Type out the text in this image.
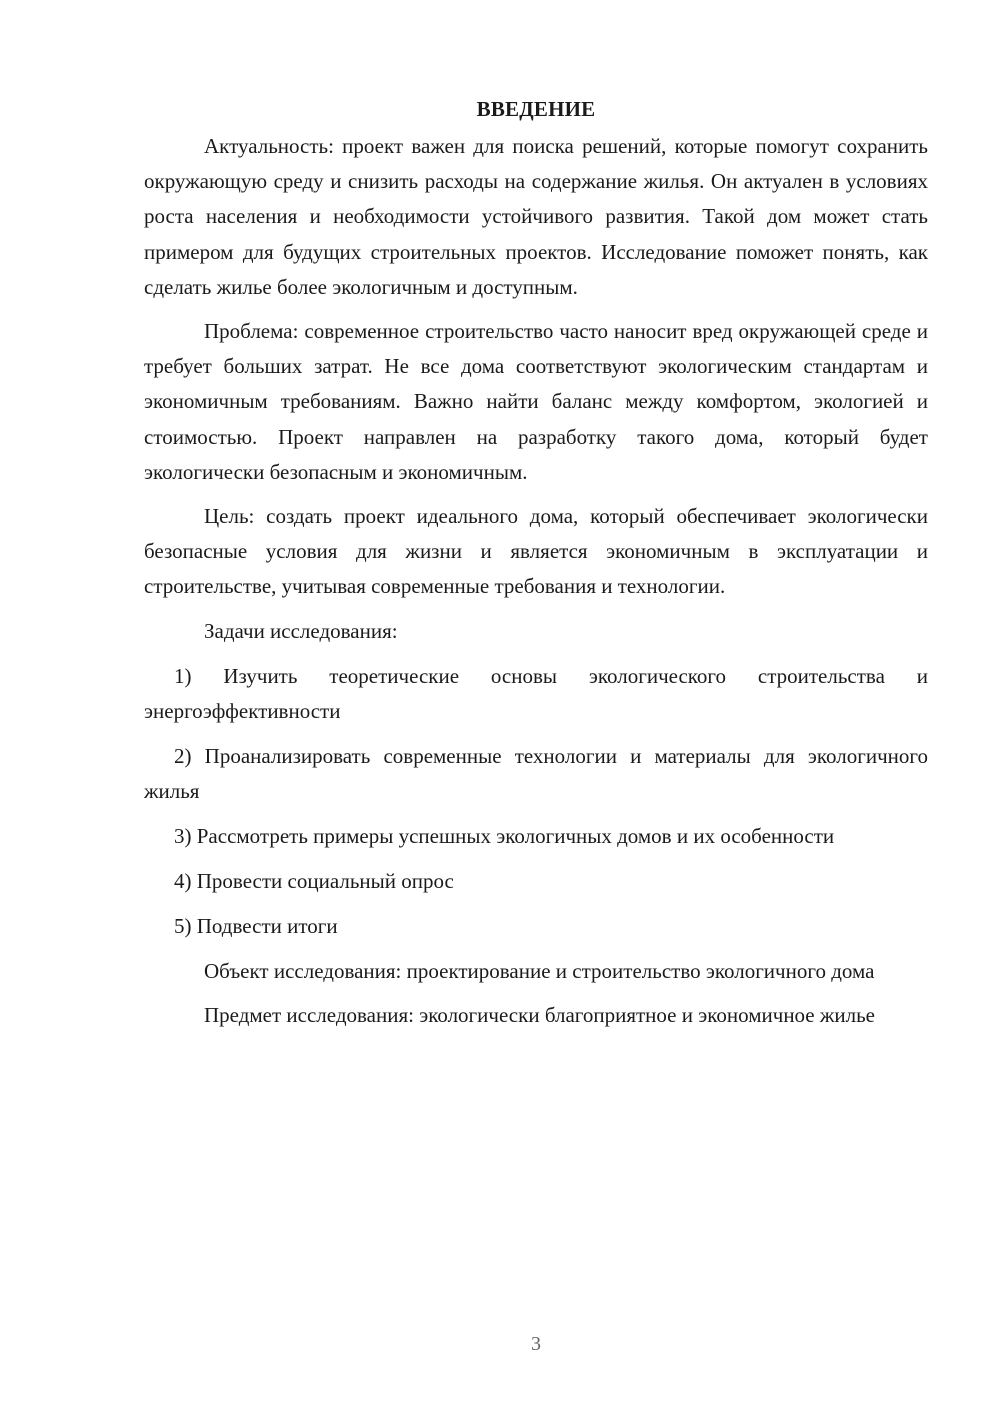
ВВЕДЕНИЕ

Актуальность: проект важен для поиска решений, которые помогут сохранить окружающую среду и снизить расходы на содержание жилья. Он актуален в условиях роста населения и необходимости устойчивого развития. Такой дом может стать примером для будущих строительных проектов. Исследование поможет понять, как сделать жилье более экологичным и доступным.

Проблема: современное строительство часто наносит вред окружающей среде и требует больших затрат. Не все дома соответствуют экологическим стандартам и экономичным требованиям. Важно найти баланс между комфортом, экологией и стоимостью. Проект направлен на разработку такого дома, который будет экологически безопасным и экономичным.

Цель: создать проект идеального дома, который обеспечивает экологически безопасные условия для жизни и является экономичным в эксплуатации и строительстве, учитывая современные требования и технологии.

Задачи исследования:

1) Изучить теоретические основы экологического строительства и энергоэффективности

2) Проанализировать современные технологии и материалы для экологичного жилья

3) Рассмотреть примеры успешных экологичных домов и их особенности

4) Провести социальный опрос

5) Подвести итоги

Объект исследования: проектирование и строительство экологичного дома

Предмет исследования: экологически благоприятное и экономичное жилье

3
